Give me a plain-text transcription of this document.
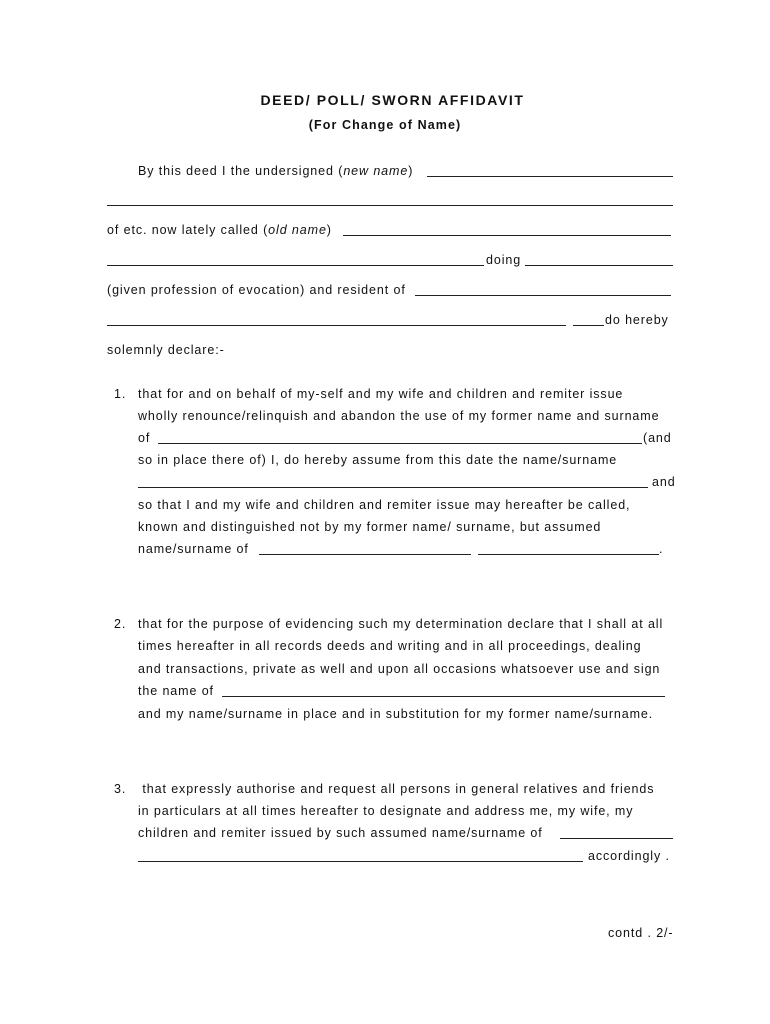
DEED/ POLL/ SWORN AFFIDAVIT
(For Change of Name)
By this deed I the undersigned (new name)
of etc. now lately called (old name)
doing
(given profession of evocation) and resident of
do hereby
solemnly declare:-
1. that for and on behalf of my-self and my wife and children and remiter issue
wholly renounce/relinquish and abandon the use of my former name and surname
of	(and
so in place there of) I, do hereby assume from this date the name/surname
and
so that I and my wife and children and remiter issue may hereafter be called,
known and distinguished not by my former name/ surname, but assumed
name/surname of	.
2. that for the purpose of evidencing such my determination declare that I shall at all
times hereafter in all records deeds and writing and in all proceedings, dealing
and transactions, private as well and upon all occasions whatsoever use and sign
the name of
and my name/surname in place and in substitution for my former name/surname.
3. that expressly authorise and request all persons in general relatives and friends
in particulars at all times hereafter to designate and address me, my wife, my
children and remiter issued by such assumed name/surname of
accordingly .
contd . 2/-
